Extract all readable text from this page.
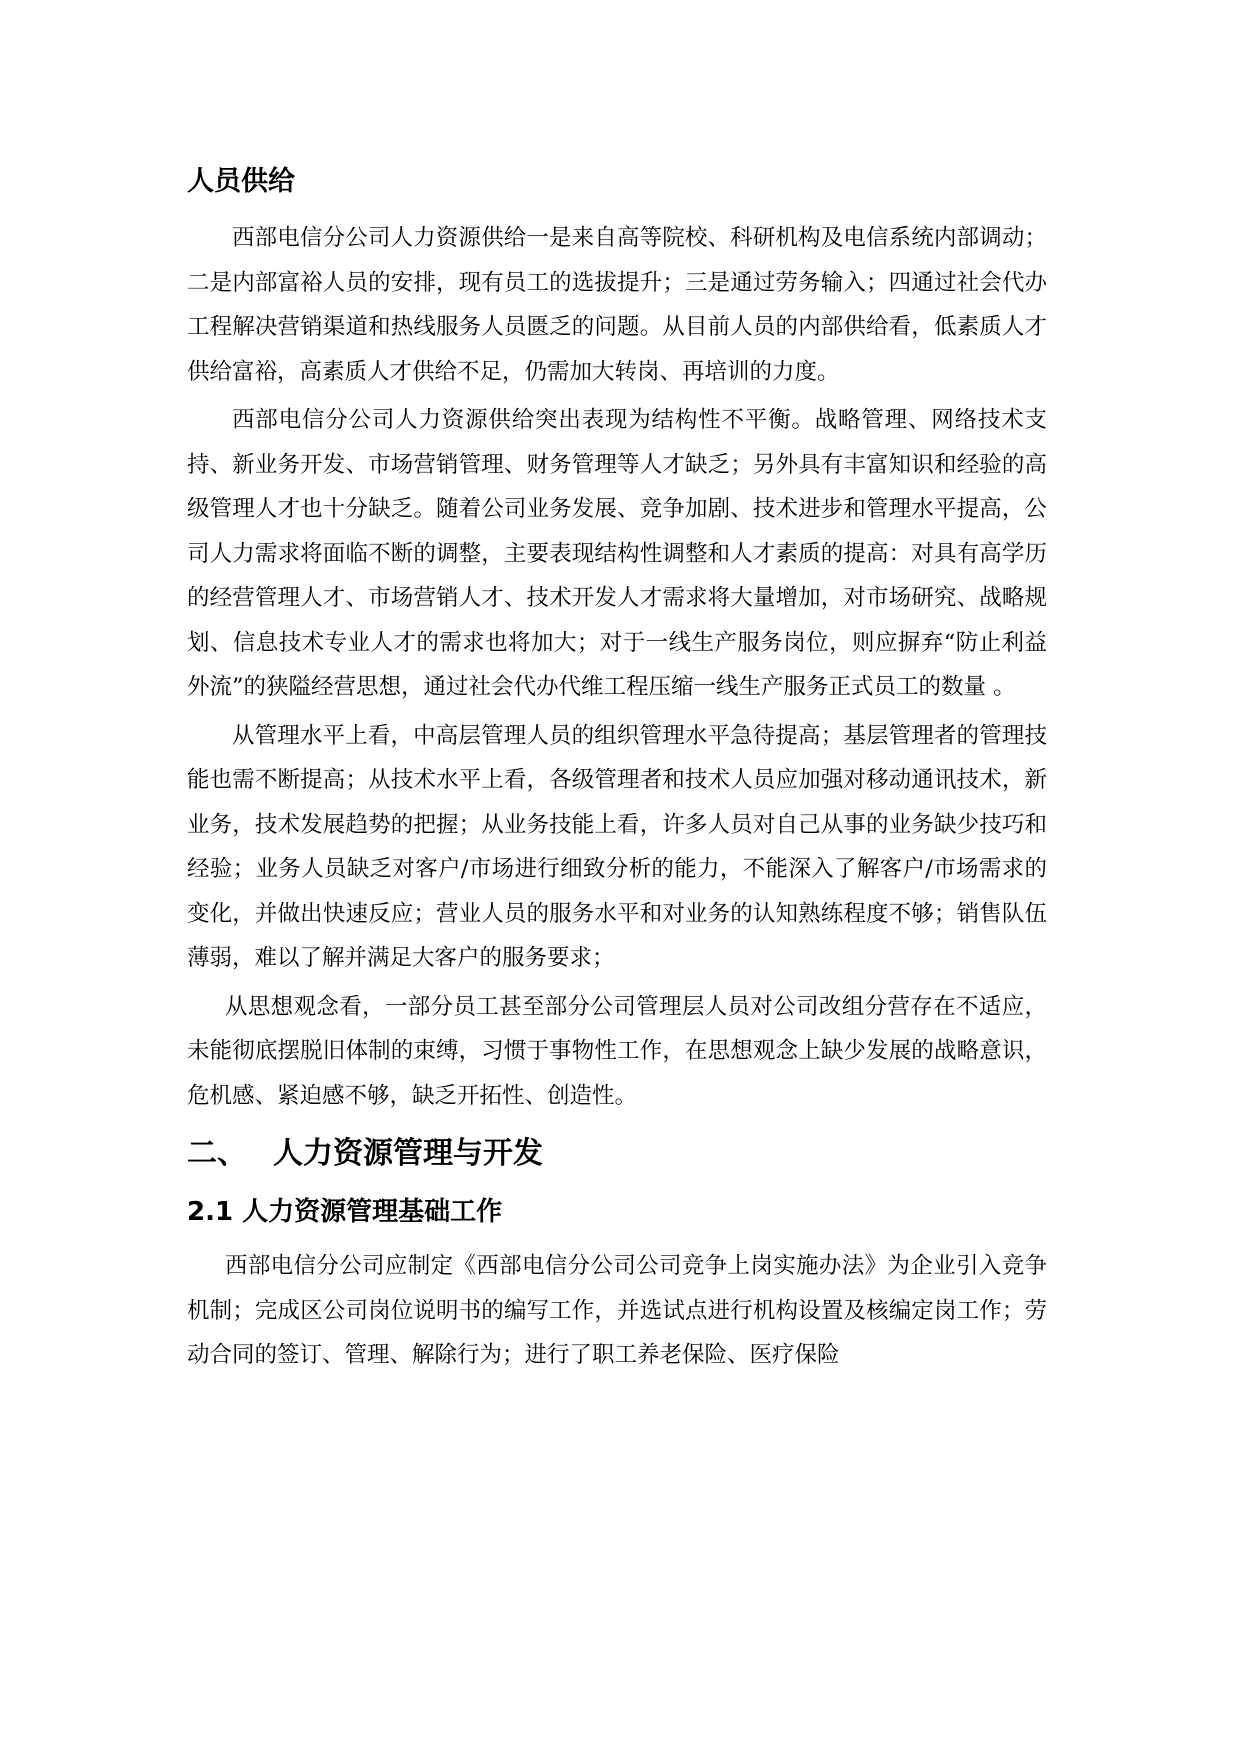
人员供给

西部电信分公司人力资源供给一是来自高等院校、科研机构及电信系统内部调动；二是内部富裕人员的安排，现有员工的选拔提升；三是通过劳务输入；四通过社会代办工程解决营销渠道和热线服务人员匮乏的问题。从目前人员的内部供给看，低素质人才供给富裕，高素质人才供给不足，仍需加大转岗、再培训的力度。

西部电信分公司人力资源供给突出表现为结构性不平衡。战略管理、网络技术支持、新业务开发、市场营销管理、财务管理等人才缺乏；另外具有丰富知识和经验的高级管理人才也十分缺乏。随着公司业务发展、竞争加剧、技术进步和管理水平提高，公司人力需求将面临不断的调整，主要表现结构性调整和人才素质的提高：对具有高学历的经营管理人才、市场营销人才、技术开发人才需求将大量增加，对市场研究、战略规划、信息技术专业人才的需求也将加大；对于一线生产服务岗位，则应摒弃“防止利益外流”的狭隘经营思想，通过社会代办代维工程压缩一线生产服务正式员工的数量 。

从管理水平上看，中高层管理人员的组织管理水平急待提高；基层管理者的管理技能也需不断提高；从技术水平上看，各级管理者和技术人员应加强对移动通讯技术，新业务，技术发展趋势的把握；从业务技能上看，许多人员对自己从事的业务缺少技巧和经验；业务人员缺乏对客户/市场进行细致分析的能力，不能深入了解客户/市场需求的变化，并做出快速反应；营业人员的服务水平和对业务的认知熟练程度不够；销售队伍薄弱，难以了解并满足大客户的服务要求；

从思想观念看，一部分员工甚至部分公司管理层人员对公司改组分营存在不适应，未能彻底摆脱旧体制的束缚，习惯于事物性工作，在思想观念上缺少发展的战略意识，危机感、紧迫感不够，缺乏开拓性、创造性。

二、 人力资源管理与开发
2.1 人力资源管理基础工作

西部电信分公司应制定《西部电信分公司公司竞争上岗实施办法》为企业引入竞争机制；完成区公司岗位说明书的编写工作，并选试点进行机构设置及核编定岗工作；劳动合同的签订、管理、解除行为；进行了职工养老保险、医疗保险
